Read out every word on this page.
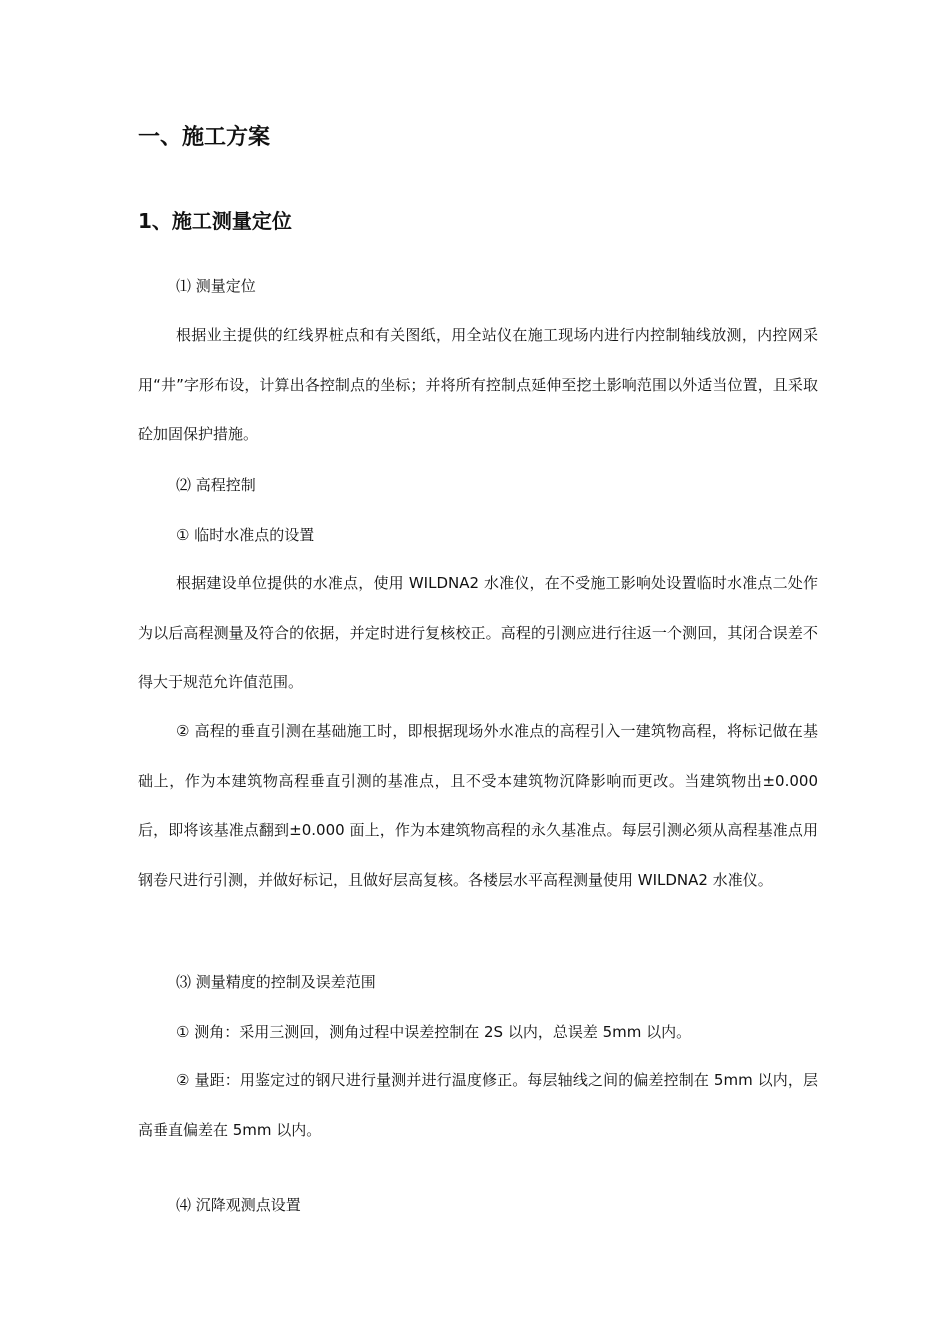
一、施工方案
1、施工测量定位
⑴ 测量定位
根据业主提供的红线界桩点和有关图纸，用全站仪在施工现场内进行内控制轴线放测，内控网采用“井”字形布设，计算出各控制点的坐标；并将所有控制点延伸至挖土影响范围以外适当位置，且采取砼加固保护措施。
⑵ 高程控制
① 临时水准点的设置
根据建设单位提供的水准点，使用 WILDNA2 水准仪，在不受施工影响处设置临时水准点二处作为以后高程测量及符合的依据，并定时进行复核校正。高程的引测应进行往返一个测回，其闭合误差不得大于规范允许值范围。
② 高程的垂直引测在基础施工时，即根据现场外水准点的高程引入一建筑物高程，将标记做在基础上，作为本建筑物高程垂直引测的基准点，且不受本建筑物沉降影响而更改。当建筑物出±0.000 后，即将该基准点翻到±0.000 面上，作为本建筑物高程的永久基准点。每层引测必须从高程基准点用钢卷尺进行引测，并做好标记，且做好层高复核。各楼层水平高程测量使用 WILDNA2 水准仪。
⑶ 测量精度的控制及误差范围
① 测角：采用三测回，测角过程中误差控制在 2S 以内，总误差 5mm 以内。
② 量距：用鉴定过的钢尺进行量测并进行温度修正。每层轴线之间的偏差控制在 5mm 以内，层高垂直偏差在 5mm 以内。
⑷ 沉降观测点设置
